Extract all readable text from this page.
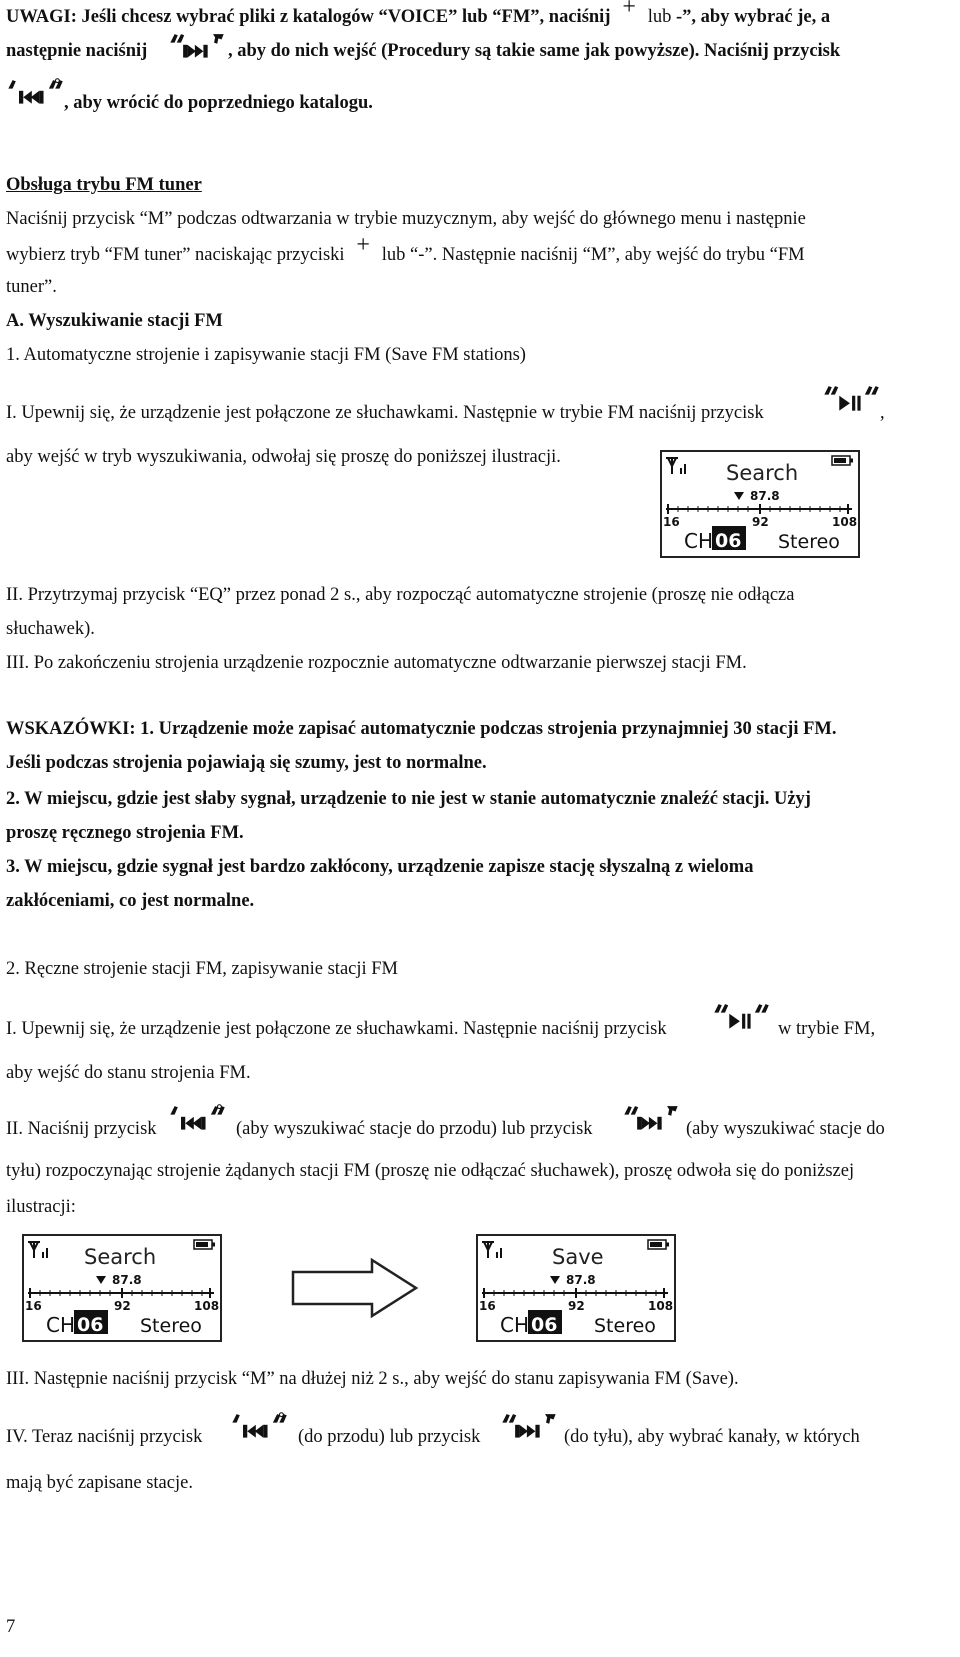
UWAGI: Jeśli chcesz wybrać pliki z katalogów “VOICE” lub “FM”, naciśnij + lub -”, aby wybrać je, a
następnie naciśnij	, aby do nich wejść (Procedury są takie same jak powyższe). Naciśnij przycisk
, aby wrócić do poprzedniego katalogu.
Obsługa trybu FM tuner
Naciśnij przycisk “M” podczas odtwarzania w trybie muzycznym, aby wejść do głównego menu i następnie
wybierz tryb “FM tuner” naciskając przyciski + lub “-”. Następnie naciśnij “M”, aby wejść do trybu “FM
tuner”.
A. Wyszukiwanie stacji FM
1. Automatyczne strojenie i zapisywanie stacji FM (Save FM stations)
I. Upewnij się, że urządzenie jest połączone ze słuchawkami. Następnie w trybie FM naciśnij przycisk	,
aby wejść w tryb wyszukiwania, odwołaj się proszę do poniższej ilustracji.
Search
87.8
16	92	108
CH 06 Stereo
II. Przytrzymaj przycisk “EQ” przez ponad 2 s., aby rozpocząć automatyczne strojenie (proszę nie odłącza
słuchawek).
III. Po zakończeniu strojenia urządzenie rozpocznie automatyczne odtwarzanie pierwszej stacji FM.
WSKAZÓWKI: 1. Urządzenie może zapisać automatycznie podczas strojenia przynajmniej 30 stacji FM.
Jeśli podczas strojenia pojawiają się szumy, jest to normalne.
2. W miejscu, gdzie jest słaby sygnał, urządzenie to nie jest w stanie automatycznie znaleźć stacji. Użyj
proszę ręcznego strojenia FM.
3. W miejscu, gdzie sygnał jest bardzo zakłócony, urządzenie zapisze stację słyszalną z wieloma
zakłóceniami, co jest normalne.
2. Ręczne strojenie stacji FM, zapisywanie stacji FM
I. Upewnij się, że urządzenie jest połączone ze słuchawkami. Następnie naciśnij przycisk	w trybie FM,
aby wejść do stanu strojenia FM.
II. Naciśnij przycisk	(aby wyszukiwać stacje do przodu) lub przycisk	(aby wyszukiwać stacje do
tyłu) rozpoczynając strojenie żądanych stacji FM (proszę nie odłączać słuchawek), proszę odwoła się do poniższej
ilustracji:
Search
87.8
16	92	108
CH 06 Stereo
Save
87.8
16	92	108
CH 06 Stereo
III. Następnie naciśnij przycisk “M” na dłużej niż 2 s., aby wejść do stanu zapisywania FM (Save).
IV. Teraz naciśnij przycisk	(do przodu) lub przycisk	(do tyłu), aby wybrać kanały, w których
mają być zapisane stacje.
7
